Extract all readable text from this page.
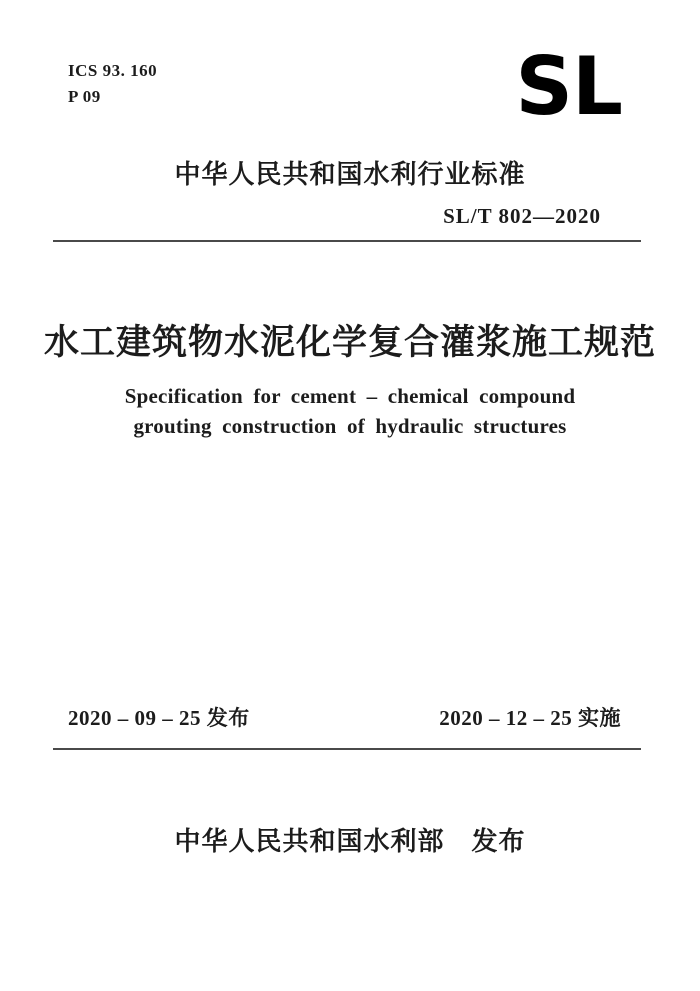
ICS 93. 160
P 09	SL
中华人民共和国水利行业标准
SL/T 802—2020
水工建筑物水泥化学复合灌浆施工规范
Specification for cement – chemical compound
grouting construction of hydraulic structures
2020 – 09 – 25 发布	2020 – 12 – 25 实施
中华人民共和国水利部　发布
